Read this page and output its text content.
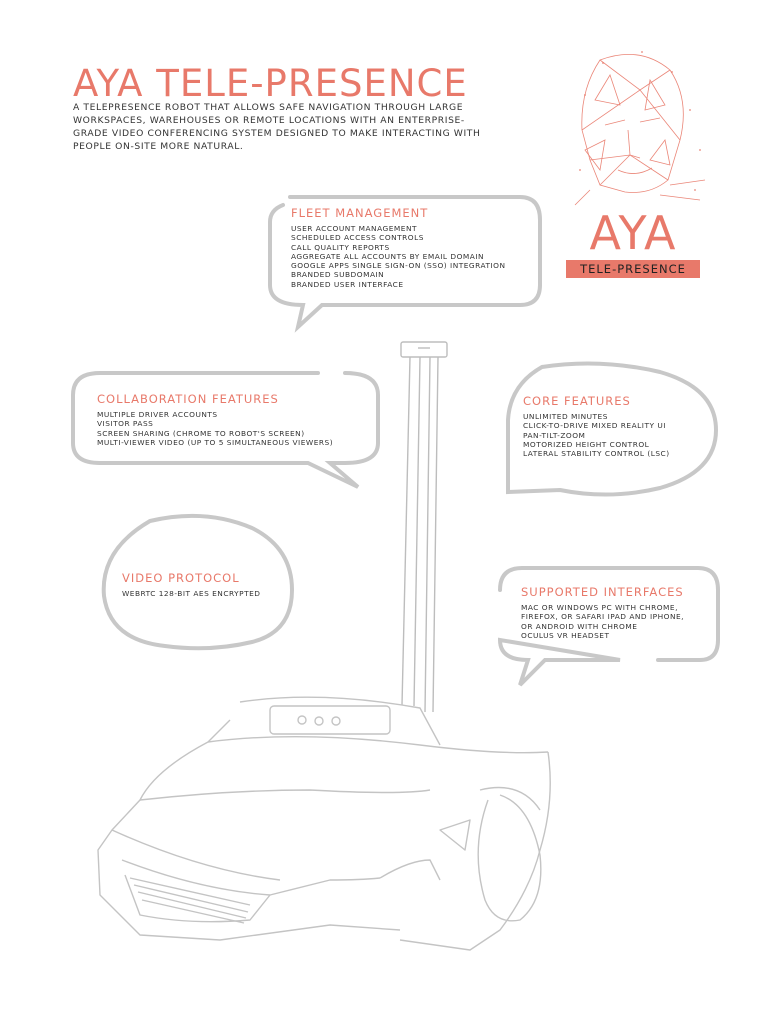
AYA TELE-PRESENCE

A TELEPRESENCE ROBOT THAT ALLOWS SAFE NAVIGATION THROUGH LARGE WORKSPACES, WAREHOUSES OR REMOTE LOCATIONS WITH AN ENTERPRISE-GRADE VIDEO CONFERENCING SYSTEM DESIGNED TO MAKE INTERACTING WITH PEOPLE ON-SITE MORE NATURAL.

AYA
TELE-PRESENCE
FLEET MANAGEMENT
USER ACCOUNT MANAGEMENT
SCHEDULED ACCESS CONTROLS
CALL QUALITY REPORTS
AGGREGATE ALL ACCOUNTS BY EMAIL DOMAIN
GOOGLE APPS SINGLE SIGN-ON (SSO) INTEGRATION
BRANDED SUBDOMAIN
BRANDED USER INTERFACE
COLLABORATION FEATURES
MULTIPLE DRIVER ACCOUNTS
VISITOR PASS
SCREEN SHARING (CHROME TO ROBOT'S SCREEN)
MULTI-VIEWER VIDEO (UP TO 5 SIMULTANEOUS VIEWERS)
CORE FEATURES
UNLIMITED MINUTES
CLICK-TO-DRIVE MIXED REALITY UI
PAN-TILT-ZOOM
MOTORIZED HEIGHT CONTROL
LATERAL STABILITY CONTROL (LSC)
VIDEO PROTOCOL
WEBRTC 128-BIT AES ENCRYPTED	SUPPORTED INTERFACES
MAC OR WINDOWS PC WITH CHROME,
FIREFOX, OR SAFARI IPAD AND IPHONE,
OR ANDROID WITH CHROME
OCULUS VR HEADSET
